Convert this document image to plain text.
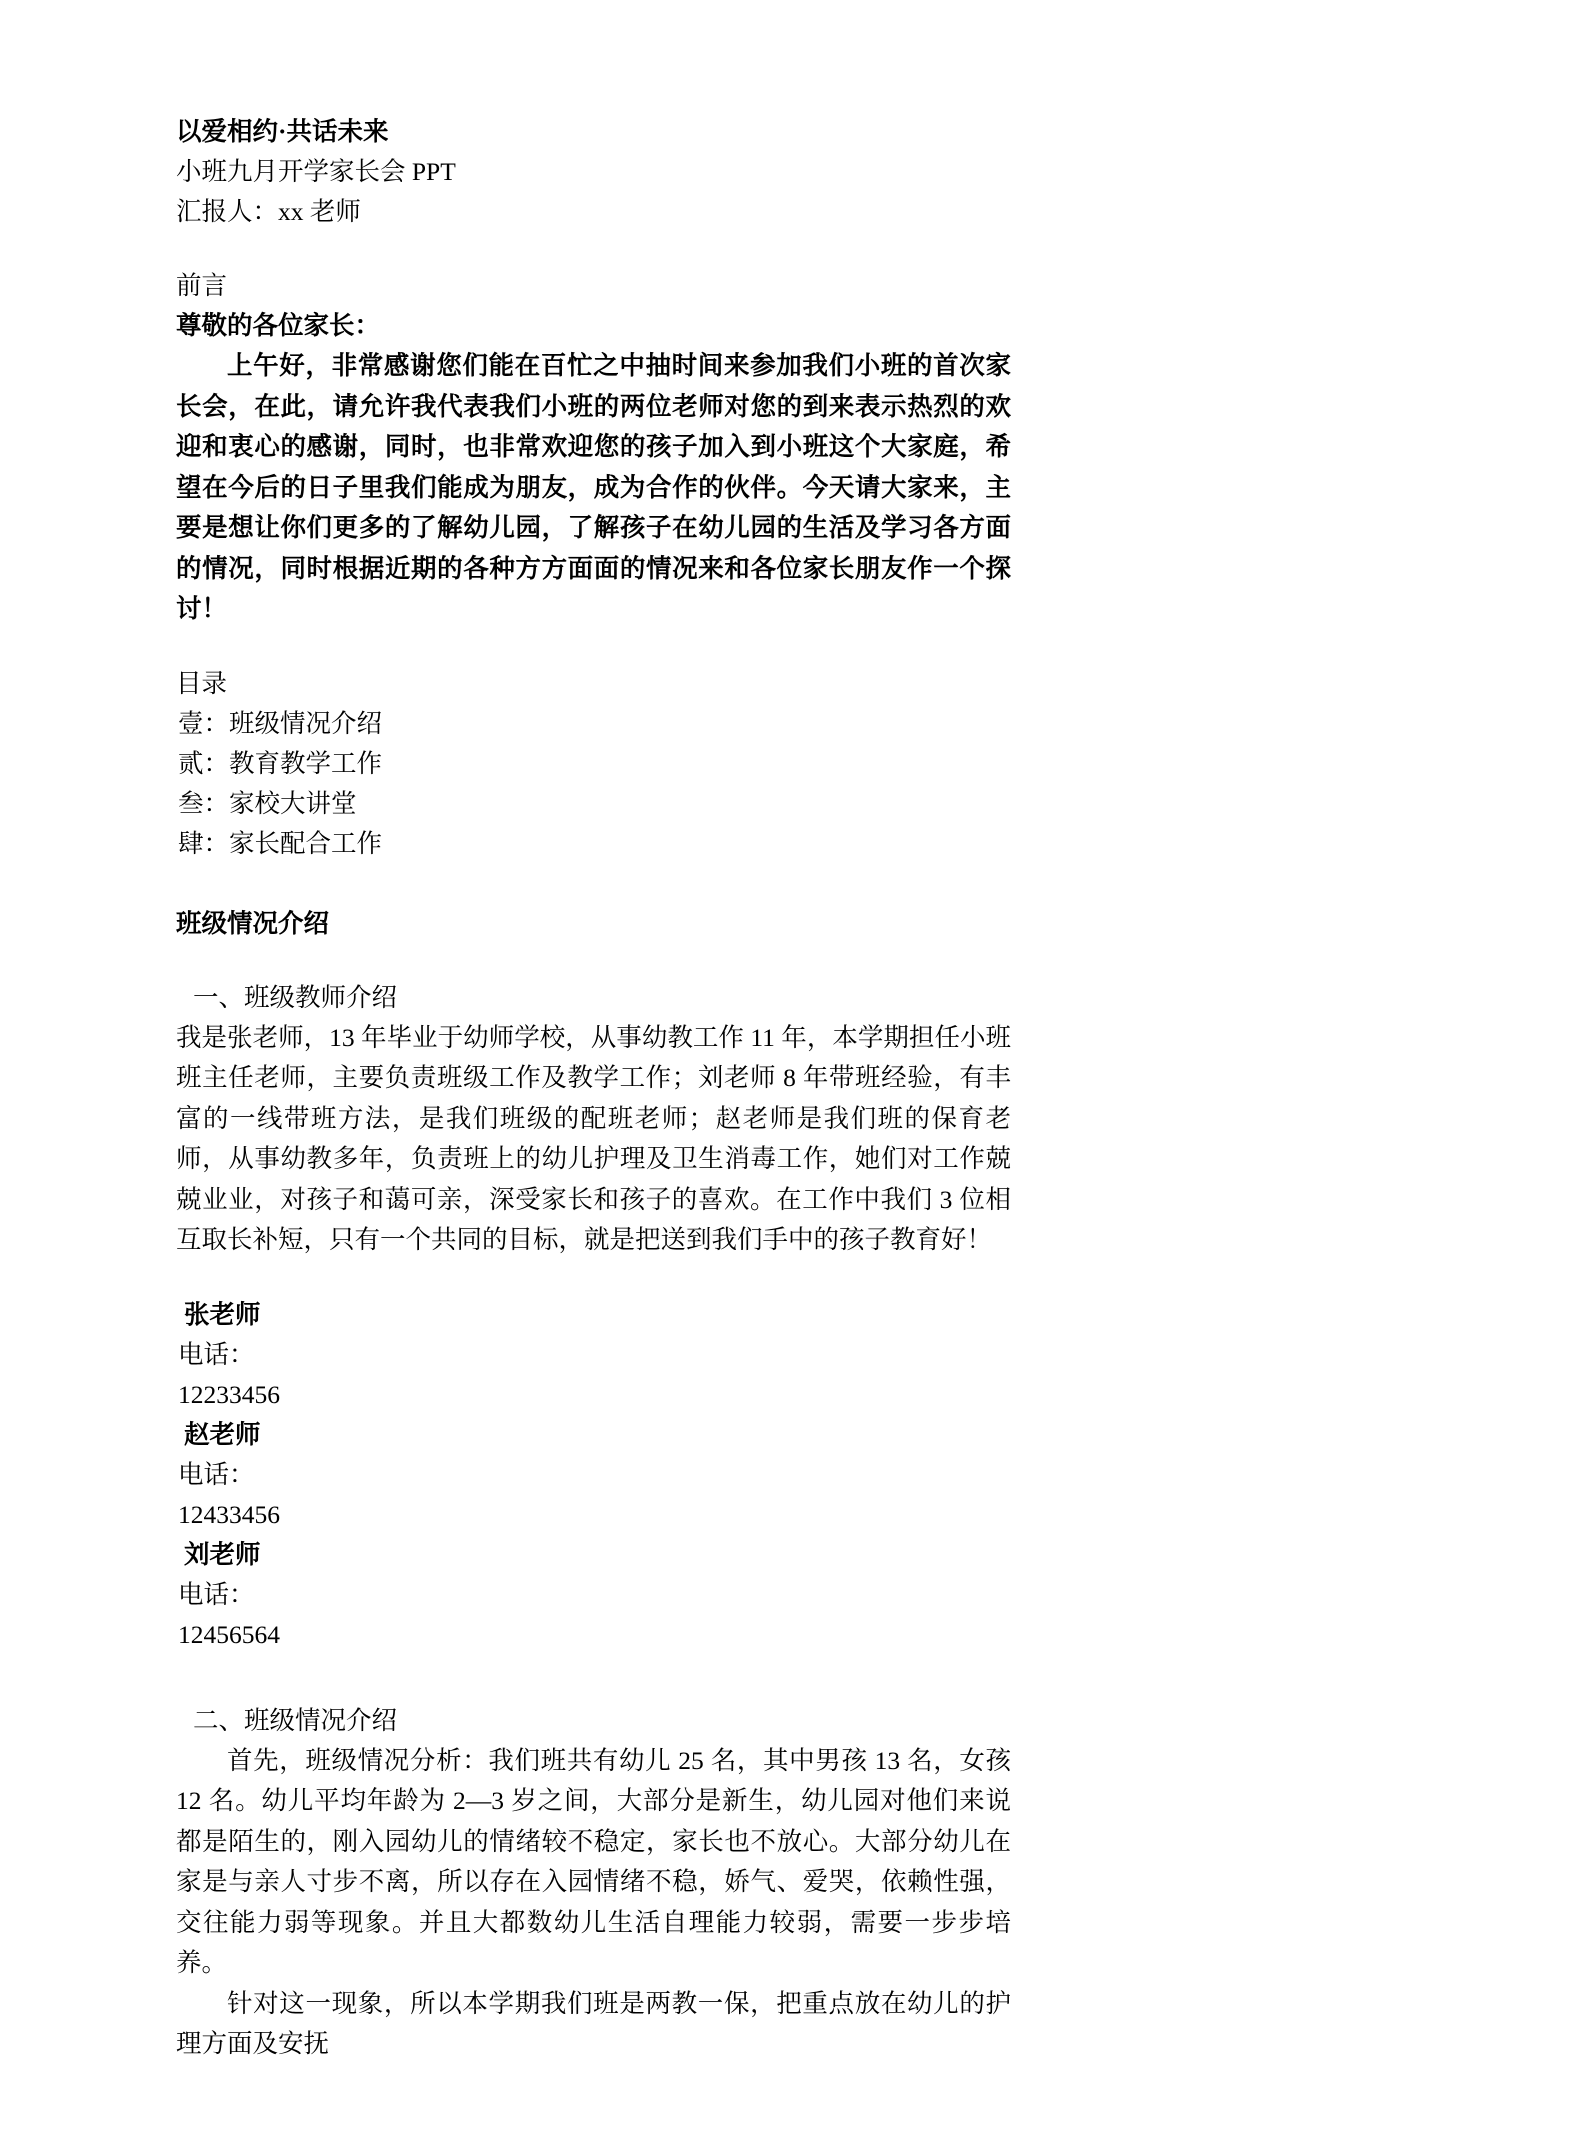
以爱相约·共话未来
小班九月开学家长会 PPT
汇报人：xx 老师
前言
尊敬的各位家长：

上午好，非常感谢您们能在百忙之中抽时间来参加我们小班的首次家长会，在此，请允许我代表我们小班的两位老师对您的到来表示热烈的欢迎和衷心的感谢，同时，也非常欢迎您的孩子加入到小班这个大家庭，希望在今后的日子里我们能成为朋友，成为合作的伙伴。今天请大家来，主要是想让你们更多的了解幼儿园，了解孩子在幼儿园的生活及学习各方面的情况，同时根据近期的各种方方面面的情况来和各位家长朋友作一个探讨！

目录
壹：班级情况介绍
贰：教育教学工作
叁：家校大讲堂
肆：家长配合工作
班级情况介绍
一、班级教师介绍

我是张老师，13 年毕业于幼师学校，从事幼教工作 11 年，本学期担任小班班主任老师，主要负责班级工作及教学工作；刘老师 8 年带班经验，有丰富的一线带班方法，是我们班级的配班老师；赵老师是我们班的保育老师，从事幼教多年，负责班上的幼儿护理及卫生消毒工作，她们对工作兢兢业业，对孩子和蔼可亲，深受家长和孩子的喜欢。在工作中我们 3 位相互取长补短，只有一个共同的目标，就是把送到我们手中的孩子教育好！

张老师
电话：
12233456
赵老师
电话：
12433456
刘老师
电话：
12456564
二、班级情况介绍

首先，班级情况分析：我们班共有幼儿 25 名，其中男孩 13 名，女孩 12 名。幼儿平均年龄为 2—3 岁之间，大部分是新生，幼儿园对他们来说都是陌生的，刚入园幼儿的情绪较不稳定，家长也不放心。大部分幼儿在家是与亲人寸步不离，所以存在入园情绪不稳，娇气、爱哭，依赖性强，交往能力弱等现象。并且大都数幼儿生活自理能力较弱，需要一步步培养。

针对这一现象，所以本学期我们班是两教一保，把重点放在幼儿的护理方面及安抚
